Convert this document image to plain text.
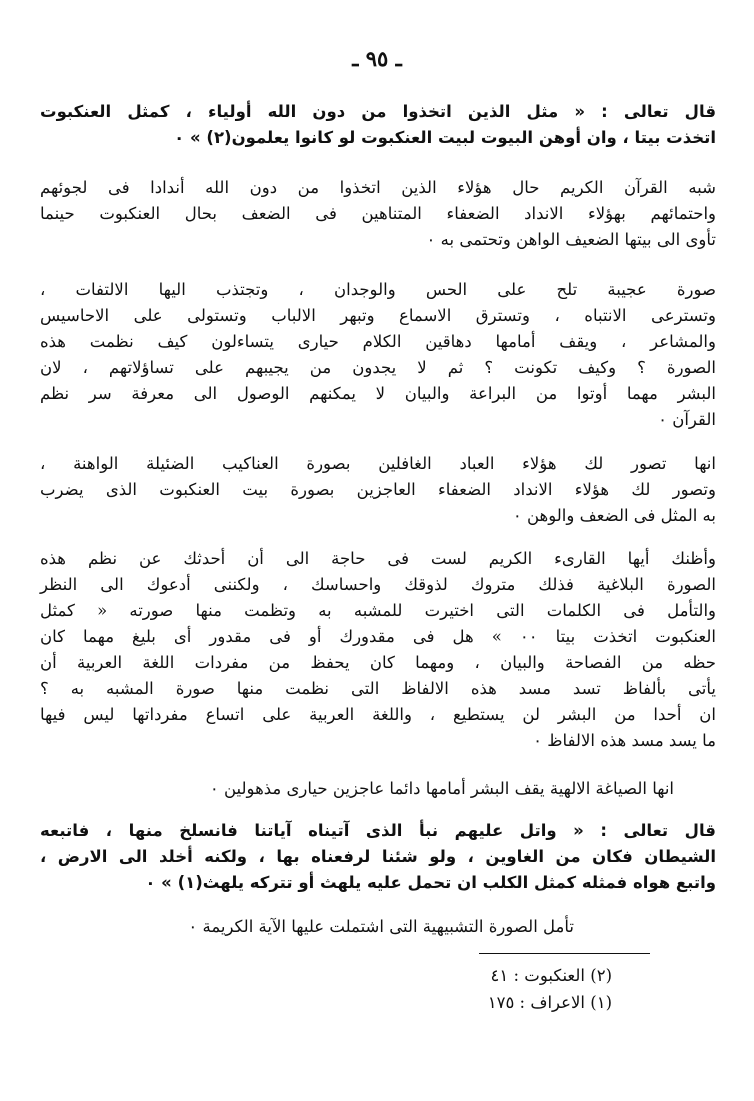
ـ ٩٥ ـ
قال تعالى : « مثل الذين اتخذوا من دون الله أولياء ، كمثل العنكبوت
اتخذت بيتا ، وان أوهن البيوت لبيت العنكبوت لو كانوا يعلمون(٢) » ٠
شبه القرآن الكريم حال هؤلاء الذين اتخذوا من دون الله أندادا فى لجوئهم
واحتمائهم بهؤلاء الانداد الضعفاء المتناهين فى الضعف بحال العنكبوت حينما
تأوى الى بيتها الضعيف الواهن وتحتمى به ٠
صورة عجيبة تلح على الحس والوجدان ، وتجتذب اليها الالتفات ،
وتسترعى الانتباه ، وتسترق الاسماع وتبهر الالباب وتستولى على الاحاسيس
والمشاعر ، ويقف أمامها دهاقين الكلام حيارى يتساءلون كيف نظمت هذه
الصورة ؟ وكيف تكونت ؟ ثم لا يجدون من يجيبهم على تساؤلاتهم ، لان
البشر مهما أوتوا من البراعة والبيان لا يمكنهم الوصول الى معرفة سر نظم
القرآن ٠
انها تصور لك هؤلاء العباد الغافلين بصورة العناكيب الضئيلة الواهنة ،
وتصور لك هؤلاء الانداد الضعفاء العاجزين بصورة بيت العنكبوت الذى يضرب
به المثل فى الضعف والوهن ٠
وأظنك أيها القارىء الكريم لست فى حاجة الى أن أحدثك عن نظم هذه
الصورة البلاغية فذلك متروك لذوقك واحساسك ، ولكننى أدعوك الى النظر
والتأمل فى الكلمات التى اختيرت للمشبه به وتظمت منها صورته « كمثل
العنكبوت اتخذت بيتا ٠٠ » هل فى مقدورك أو فى مقدور أى بليغ مهما كان
حظه من الفصاحة والبيان ، ومهما كان يحفظ من مفردات اللغة العربية أن
يأتى بألفاظ تسد مسد هذه الالفاظ التى نظمت منها صورة المشبه به ؟
ان أحدا من البشر لن يستطيع ، واللغة العربية على اتساع مفرداتها ليس فيها
ما يسد مسد هذه الالفاظ ٠
انها الصياغة الالهية يقف البشر أمامها دائما عاجزين حيارى مذهولين ٠
قال تعالى : « واتل عليهم نبأ الذى آتيناه آياتنا فانسلخ منها ، فاتبعه
الشيطان فكان من الغاوين ، ولو شئنا لرفعناه بها ، ولكنه أخلد الى الارض ،
واتبع هواه فمثله كمثل الكلب ان تحمل عليه يلهث أو تتركه يلهث(١) » ٠
تأمل الصورة التشبيهية التى اشتملت عليها الآية الكريمة ٠
(٢) العنكبوت : ٤١
(١) الاعراف : ١٧٥
